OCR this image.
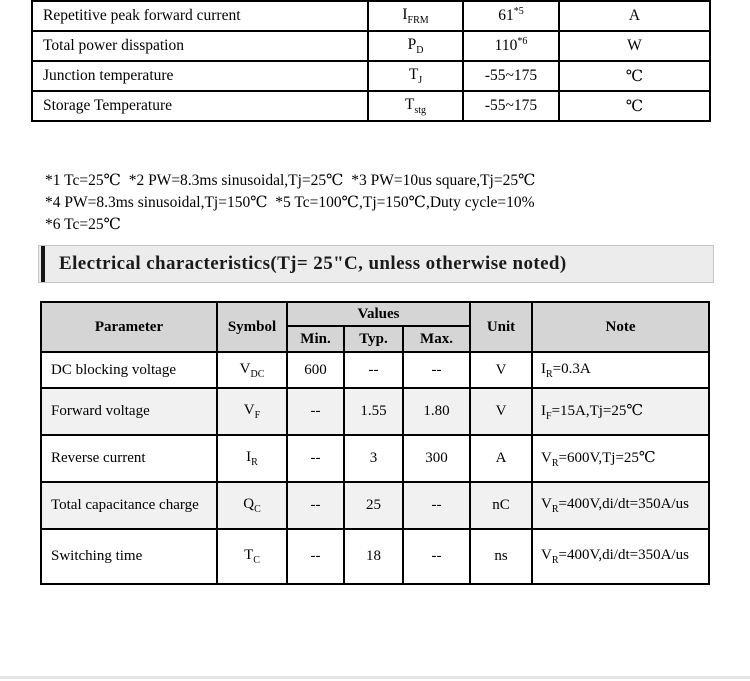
Repetitive peak forward current	$I_{FRM}$	61$^{*5}$	A
Total power disspation	$P_D$	110$^{*6}$	W
Junction temperature	$T_J$	-55~175	℃
Storage Temperature	$T_{stg}$	-55~175	℃
*1 Tc=25℃  *2 PW=8.3ms sinusoidal,Tj=25℃  *3 PW=10us square,Tj=25℃
*4 PW=8.3ms sinusoidal,Tj=150℃  *5 Tc=100℃,Tj=150℃,Duty cycle=10%
*6 Tc=25℃
Electrical characteristics(Tj= 25"C, unless otherwise noted)
Parameter	Symbol	Values			Unit	Note
		Min.	Typ.	Max.		
DC blocking voltage	$V_{DC}$	600	--	--	V	$I_R=0.3A$
Forward voltage	$V_F$	--	1.55	1.80	V	$I_F=15A,Tj=25℃$
Reverse current	$I_R$	--	3	300	A	$V_R=600V,Tj=25℃$
Total capacitance charge	$Q_C$	--	25	--	nC	$V_R=400V,di/dt=350A/us$
Switching time	$T_C$	--	18	--	ns	$V_R=400V,di/dt=350A/us$
